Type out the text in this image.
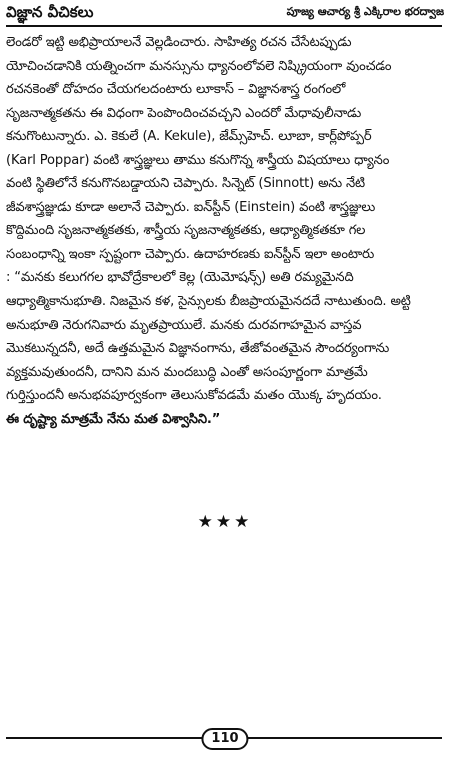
విజ్ఞాన వీచికలు	పూజ్య ఆచార్య శ్రీ ఎక్కిరాల భరద్వాజ
లెండరో ఇట్టి అభిప్రాయాలనే వెల్లడించారు. సాహిత్య రచన చేసేటప్పుడు
యోచించడానికి యత్నించగా మనస్సును ధ్యానంలోవలె నిష్క్రియంగా వుంచడం
రచనకెంతో దోహదం చేయగలదంటారు లూకాస్ – విజ్ఞానశాస్త్ర రంగంలో
సృజనాత్మకతను ఈ విధంగా పెంపొందించవచ్చని ఎందరో మేధావులీనాడు
కనుగొంటున్నారు. ఎ. కెకులే (A. Kekule), జేమ్స్‌హెచ్. లూబా, కార్ల్‌పోప్పర్
(Karl Poppar) వంటి శాస్త్రజ్ఞులు తాము కనుగొన్న శాస్త్రీయ విషయాలు ధ్యానం
వంటి స్థితిలోనే కనుగొనబడ్డాయని చెప్పారు. సిన్నెట్ (Sinnott) అను నేటి
జీవశాస్త్రజ్ఞుడు కూడా అలానే చెప్పారు. ఐన్‌స్టీన్ (Einstein) వంటి శాస్త్రజ్ఞులు
కొద్దిమంది సృజనాత్మకతకు, శాస్త్రీయ సృజనాత్మకతకు, ఆధ్యాత్మికతకూ గల
సంబంధాన్ని ఇంకా స్పష్టంగా చెప్పారు. ఉదాహరణకు ఐన్‌స్టీన్ ఇలా అంటారు
: “మనకు కలుగగల భావోద్రేకాలలో కెల్ల (యెమోషన్స్) అతి రమ్యమైనది
ఆధ్యాత్మికానుభూతి. నిజమైన కళ, సైన్సులకు బీజప్రాయమైనదదే నాటుతుంది. అట్టి
అనుభూతి నెరుగనివారు మృతప్రాయులే. మనకు దురవగాహమైన వాస్తవ
మొకటున్నదనీ, అదే ఉత్తమమైన విజ్ఞానంగాను, తేజోవంతమైన సౌందర్యంగాను
వ్యక్తమవుతుందనీ, దానిని మన మందబుద్ధి ఎంతో అసంపూర్ణంగా మాత్రమే
గుర్తిస్తుందనీ అనుభవపూర్వకంగా తెలుసుకోవడమే మతం యొక్క హృదయం.
ఈ దృష్ట్యా మాత్రమే నేను మత విశ్వాసిని.”
★★★
110
